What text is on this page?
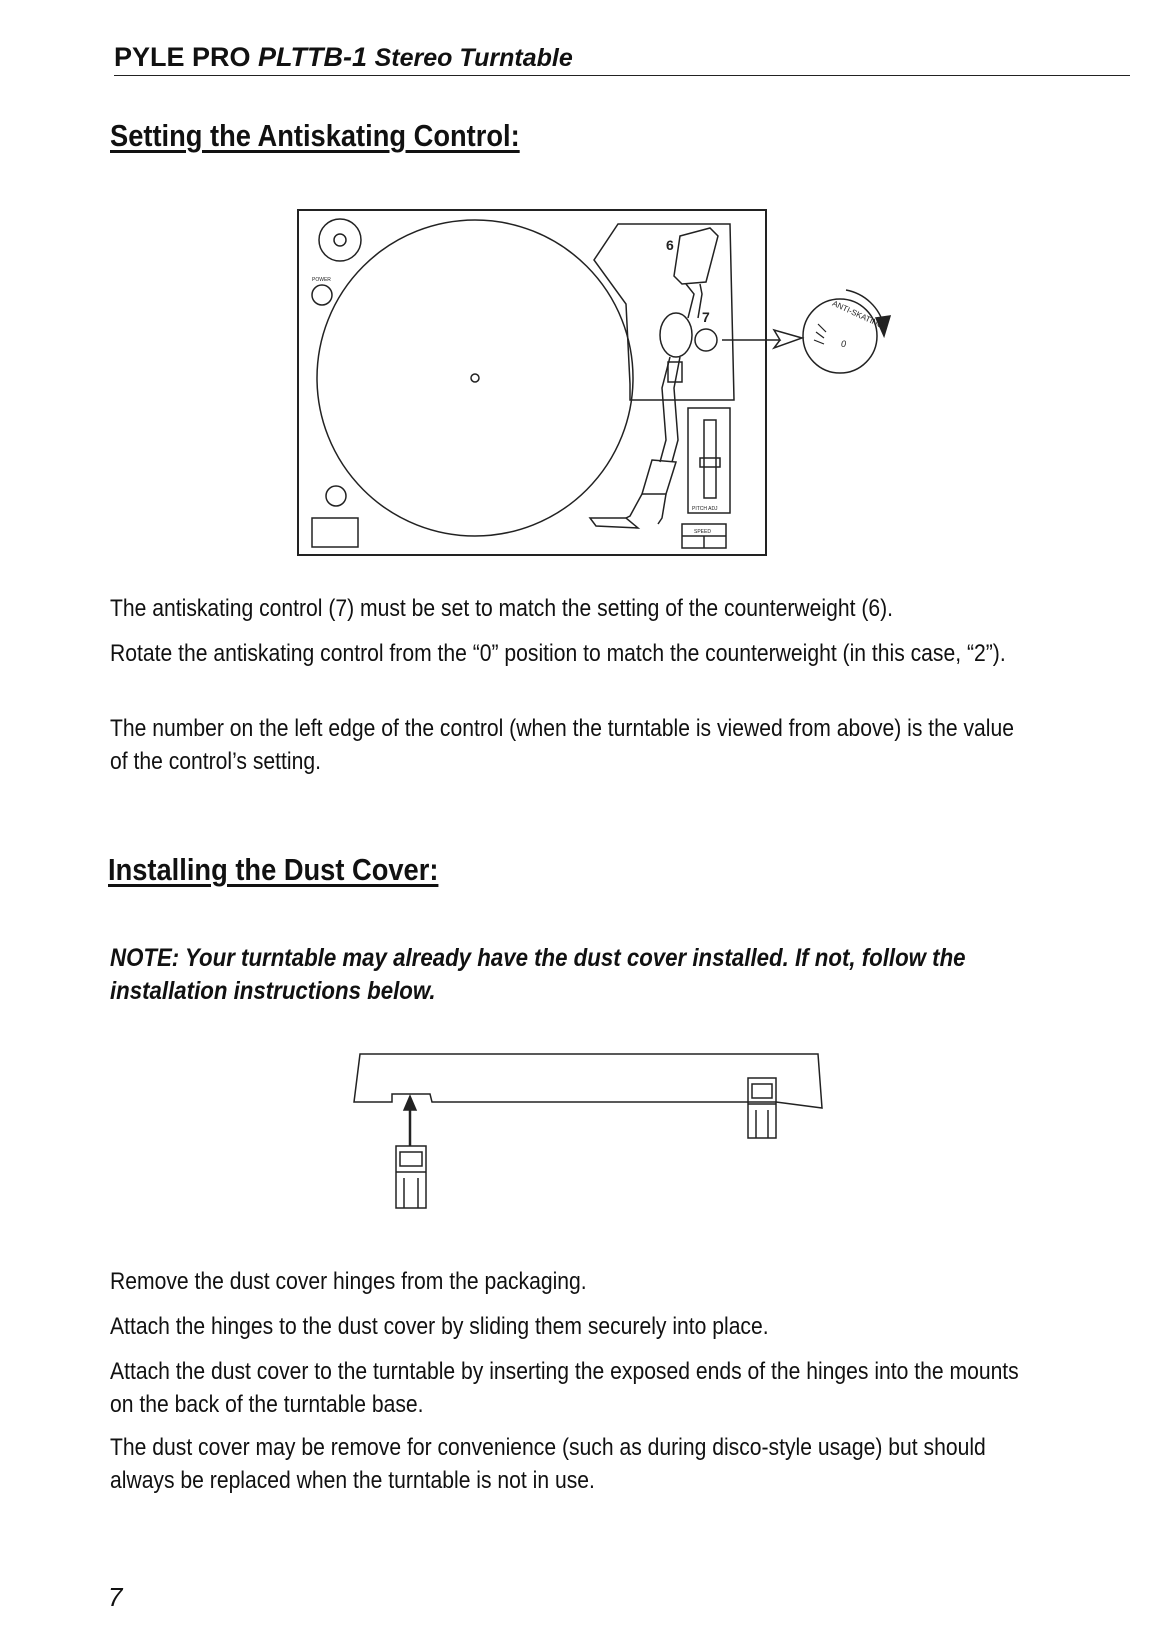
PYLE PRO PLTTB-1 Stereo Turntable
Setting the Antiskating Control:
6
7
POWER
PITCH ADJ
SPEED
ANTI-SKATING
0
The antiskating control (7) must be set to match the setting of the counterweight (6).
Rotate the antiskating control from the “0” position to match the counterweight (in this case, “2”).
The number on the left edge of the control (when the turntable is viewed from above) is the value of the control’s setting.
Installing the Dust Cover:
NOTE: Your turntable may already have the dust cover installed. If not, follow the installation instructions below.
Remove the dust cover hinges from the packaging.
Attach the hinges to the dust cover by sliding them securely into place.
Attach the dust cover to the turntable by inserting the exposed ends of the hinges into the mounts on the back of the turntable base.
The dust cover may be remove for convenience (such as during disco-style usage) but should always be replaced when the turntable is not in use.
7
